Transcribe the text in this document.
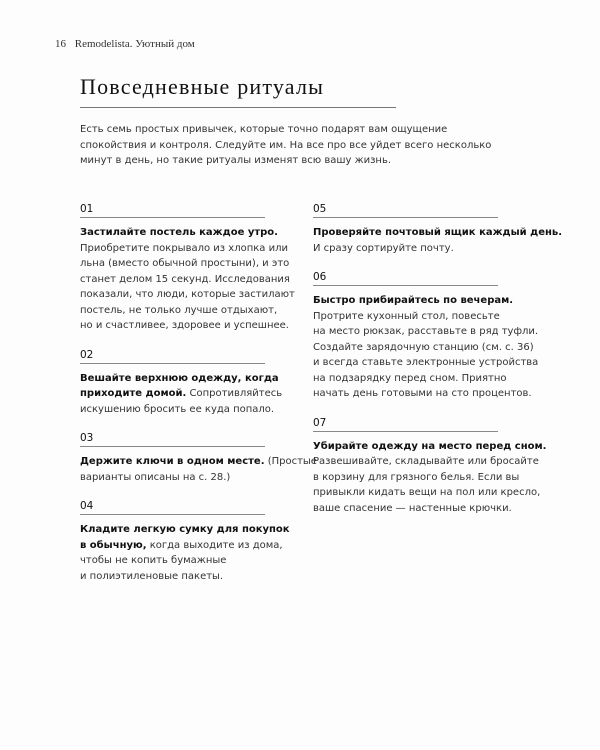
16 Remodelista. Уютный дом
Повседневные ритуалы

Есть семь простых привычек, которые точно подарят вам ощущение
спокойствия и контроля. Следуйте им. На все про все уйдет всего несколько
минут в день, но такие ритуалы изменят всю вашу жизнь.

01
Застилайте постель каждое утро.
Приобретите покрывало из хлопка или
льна (вместо обычной простыни), и это
станет делом 15 секунд. Исследования
показали, что люди, которые застилают
постель, не только лучше отдыхают,
но и счастливее, здоровее и успешнее.
02
Вешайте верхнюю одежду, когда
приходите домой. Сопротивляйтесь
искушению бросить ее куда попало.
03
Держите ключи в одном месте. (Простые
варианты описаны на с. 28.)
04
Кладите легкую сумку для покупок
в обычную, когда выходите из дома,
чтобы не копить бумажные
и полиэтиленовые пакеты.
05
Проверяйте почтовый ящик каждый день.
И сразу сортируйте почту.
06
Быстро прибирайтесь по вечерам.
Протрите кухонный стол, повесьте
на место рюкзак, расставьте в ряд туфли.
Создайте зарядочную станцию (см. с. 36)
и всегда ставьте электронные устройства
на подзарядку перед сном. Приятно
начать день готовыми на сто процентов.
07
Убирайте одежду на место перед сном.
Развешивайте, складывайте или бросайте
в корзину для грязного белья. Если вы
привыкли кидать вещи на пол или кресло,
ваше спасение — настенные крючки.
